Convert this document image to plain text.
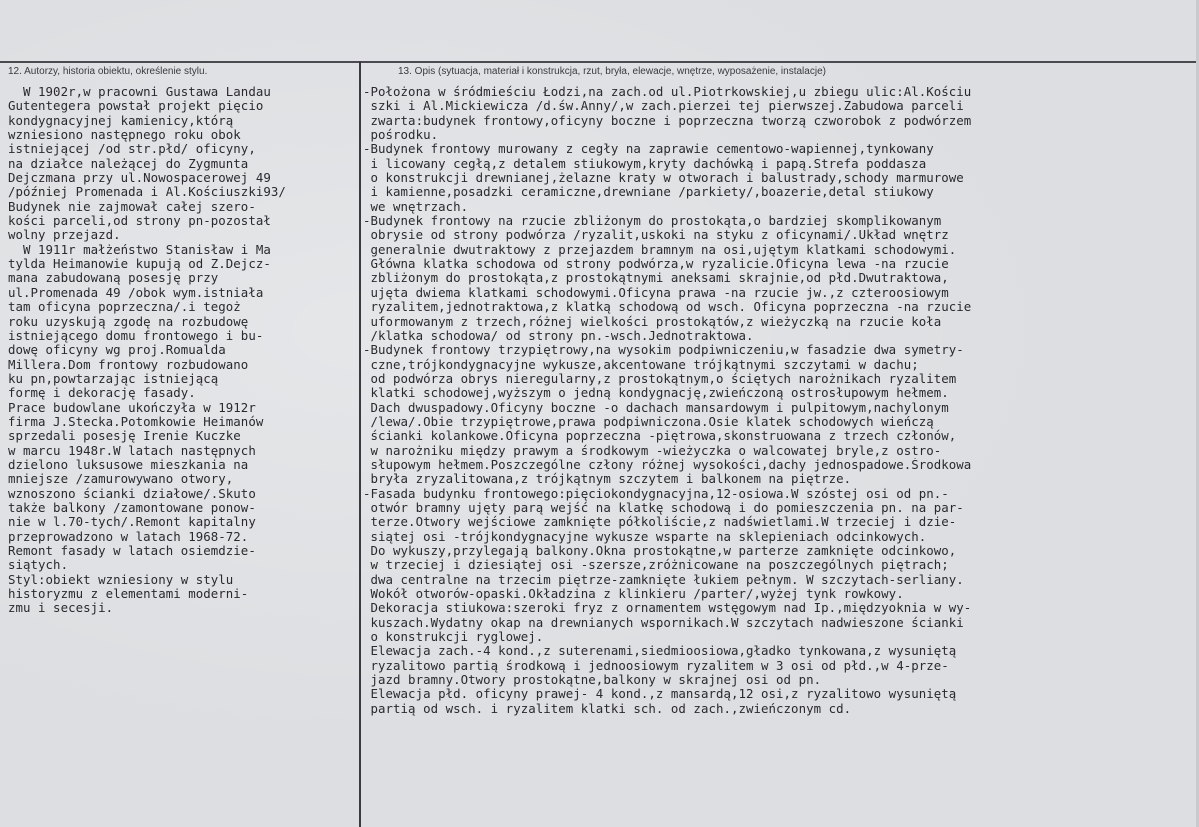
12. Autorzy, historia obiektu, określenie stylu.	13. Opis (sytuacja, materiał i konstrukcja, rzut, bryła, elewacje, wnętrze, wyposażenie, instalacje)
W 1902r,w pracowni Gustawa Landau
Gutentegera powstał projekt pięcio
kondygnacyjnej kamienicy,którą
wzniesiono następnego roku obok
istniejącej /od str.płd/ oficyny,
na działce należącej do Zygmunta
Dejczmana przy ul.Nowospacerowej 49
/później Promenada i Al.Kościuszki93/
Budynek nie zajmował całej szero-
kości parceli,od strony pn-pozostał
wolny przejazd.
W 1911r małżeństwo Stanisław i Ma
tylda Heimanowie kupują od Z.Dejcz-
mana zabudowaną posesję przy
ul.Promenada 49 /obok wym.istniała
tam oficyna poprzeczna/.i tegoż
roku uzyskują zgodę na rozbudowę
istniejącego domu frontowego i bu-
dowę oficyny wg proj.Romualda
Millera.Dom frontowy rozbudowano
ku pn,powtarzając istniejącą
formę i dekorację fasady.
Prace budowlane ukończyła w 1912r
firma J.Stecka.Potomkowie Heimanów
sprzedali posesję Irenie Kuczke
w marcu 1948r.W latach następnych
dzielono luksusowe mieszkania na
mniejsze /zamurowywano otwory,
wznoszono ścianki działowe/.Skuto
także balkony /zamontowane ponow-
nie w l.70-tych/.Remont kapitalny
przeprowadzono w latach 1968-72.
Remont fasady w latach osiemdzie-
siątych.
Styl:obiekt wzniesiony w stylu
historyzmu z elementami moderni-
zmu i secesji.
-Położona w śródmieściu Łodzi,na zach.od ul.Piotrkowskiej,u zbiegu ulic:Al.Kościu
szki i Al.Mickiewicza /d.św.Anny/,w zach.pierzei tej pierwszej.Zabudowa parceli
zwarta:budynek frontowy,oficyny boczne i poprzeczna tworzą czworobok z podwórzem
pośrodku.
-Budynek frontowy murowany z cegły na zaprawie cementowo-wapiennej,tynkowany
i licowany cegłą,z detalem stiukowym,kryty dachówką i papą.Strefa poddasza
o konstrukcji drewnianej,żelazne kraty w otworach i balustrady,schody marmurowe
i kamienne,posadzki ceramiczne,drewniane /parkiety/,boazerie,detal stiukowy
we wnętrzach.
-Budynek frontowy na rzucie zbliżonym do prostokąta,o bardziej skomplikowanym
obrysie od strony podwórza /ryzalit,uskoki na styku z oficynami/.Układ wnętrz
generalnie dwutraktowy z przejazdem bramnym na osi,ujętym klatkami schodowymi.
Główna klatka schodowa od strony podwórza,w ryzalicie.Oficyna lewa -na rzucie
zbliżonym do prostokąta,z prostokątnymi aneksami skrajnie,od płd.Dwutraktowa,
ujęta dwiema klatkami schodowymi.Oficyna prawa -na rzucie jw.,z czteroosiowym
ryzalitem,jednotraktowa,z klatką schodową od wsch. Oficyna poprzeczna -na rzucie
uformowanym z trzech,różnej wielkości prostokątów,z wieżyczką na rzucie koła
/klatka schodowa/ od strony pn.-wsch.Jednotraktowa.
-Budynek frontowy trzypiętrowy,na wysokim podpiwniczeniu,w fasadzie dwa symetry-
czne,trójkondygnacyjne wykusze,akcentowane trójkątnymi szczytami w dachu;
od podwórza obrys nieregularny,z prostokątnym,o ściętych narożnikach ryzalitem
klatki schodowej,wyższym o jedną kondygnację,zwieńczoną ostrosłupowym hełmem.
Dach dwuspadowy.Oficyny boczne -o dachach mansardowym i pulpitowym,nachylonym
/lewa/.Obie trzypiętrowe,prawa podpiwniczona.Osie klatek schodowych wieńczą
ścianki kolankowe.Oficyna poprzeczna -piętrowa,skonstruowana z trzech członów,
w narożniku między prawym a środkowym -wieżyczka o walcowatej bryle,z ostro-
słupowym hełmem.Poszczególne człony różnej wysokości,dachy jednospadowe.Środkowa
bryła zryzalitowana,z trójkątnym szczytem i balkonem na piętrze.
-Fasada budynku frontowego:pięciokondygnacyjna,12-osiowa.W szóstej osi od pn.-
otwór bramny ujęty parą wejść na klatkę schodową i do pomieszczenia pn. na par-
terze.Otwory wejściowe zamknięte półkoliście,z nadświetlami.W trzeciej i dzie-
siątej osi -trójkondygnacyjne wykusze wsparte na sklepieniach odcinkowych.
Do wykuszy,przylegają balkony.Okna prostokątne,w parterze zamknięte odcinkowo,
w trzeciej i dziesiątej osi -szersze,zróżnicowane na poszczególnych piętrach;
dwa centralne na trzecim piętrze-zamknięte łukiem pełnym. W szczytach-serliany.
Wokół otworów-opaski.Okładzina z klinkieru /parter/,wyżej tynk rowkowy.
Dekoracja stiukowa:szeroki fryz z ornamentem wstęgowym nad Ip.,międzyokniа w wy-
kuszach.Wydatny okap na drewnianych wspornikach.W szczytach nadwieszone ścianki
o konstrukcji ryglowej.
Elewacja zach.-4 kond.,z suterenami,siedmioosiowa,gładko tynkowana,z wysuniętą
ryzalitowo partią środkową i jednoosiowym ryzalitem w 3 osi od płd.,w 4-prze-
jazd bramny.Otwory prostokątne,balkony w skrajnej osi od pn.
Elewacja płd. oficyny prawej- 4 kond.,z mansardą,12 osi,z ryzalitowo wysuniętą
partią od wsch. i ryzalitem klatki sch. od zach.,zwieńczonym cd.
